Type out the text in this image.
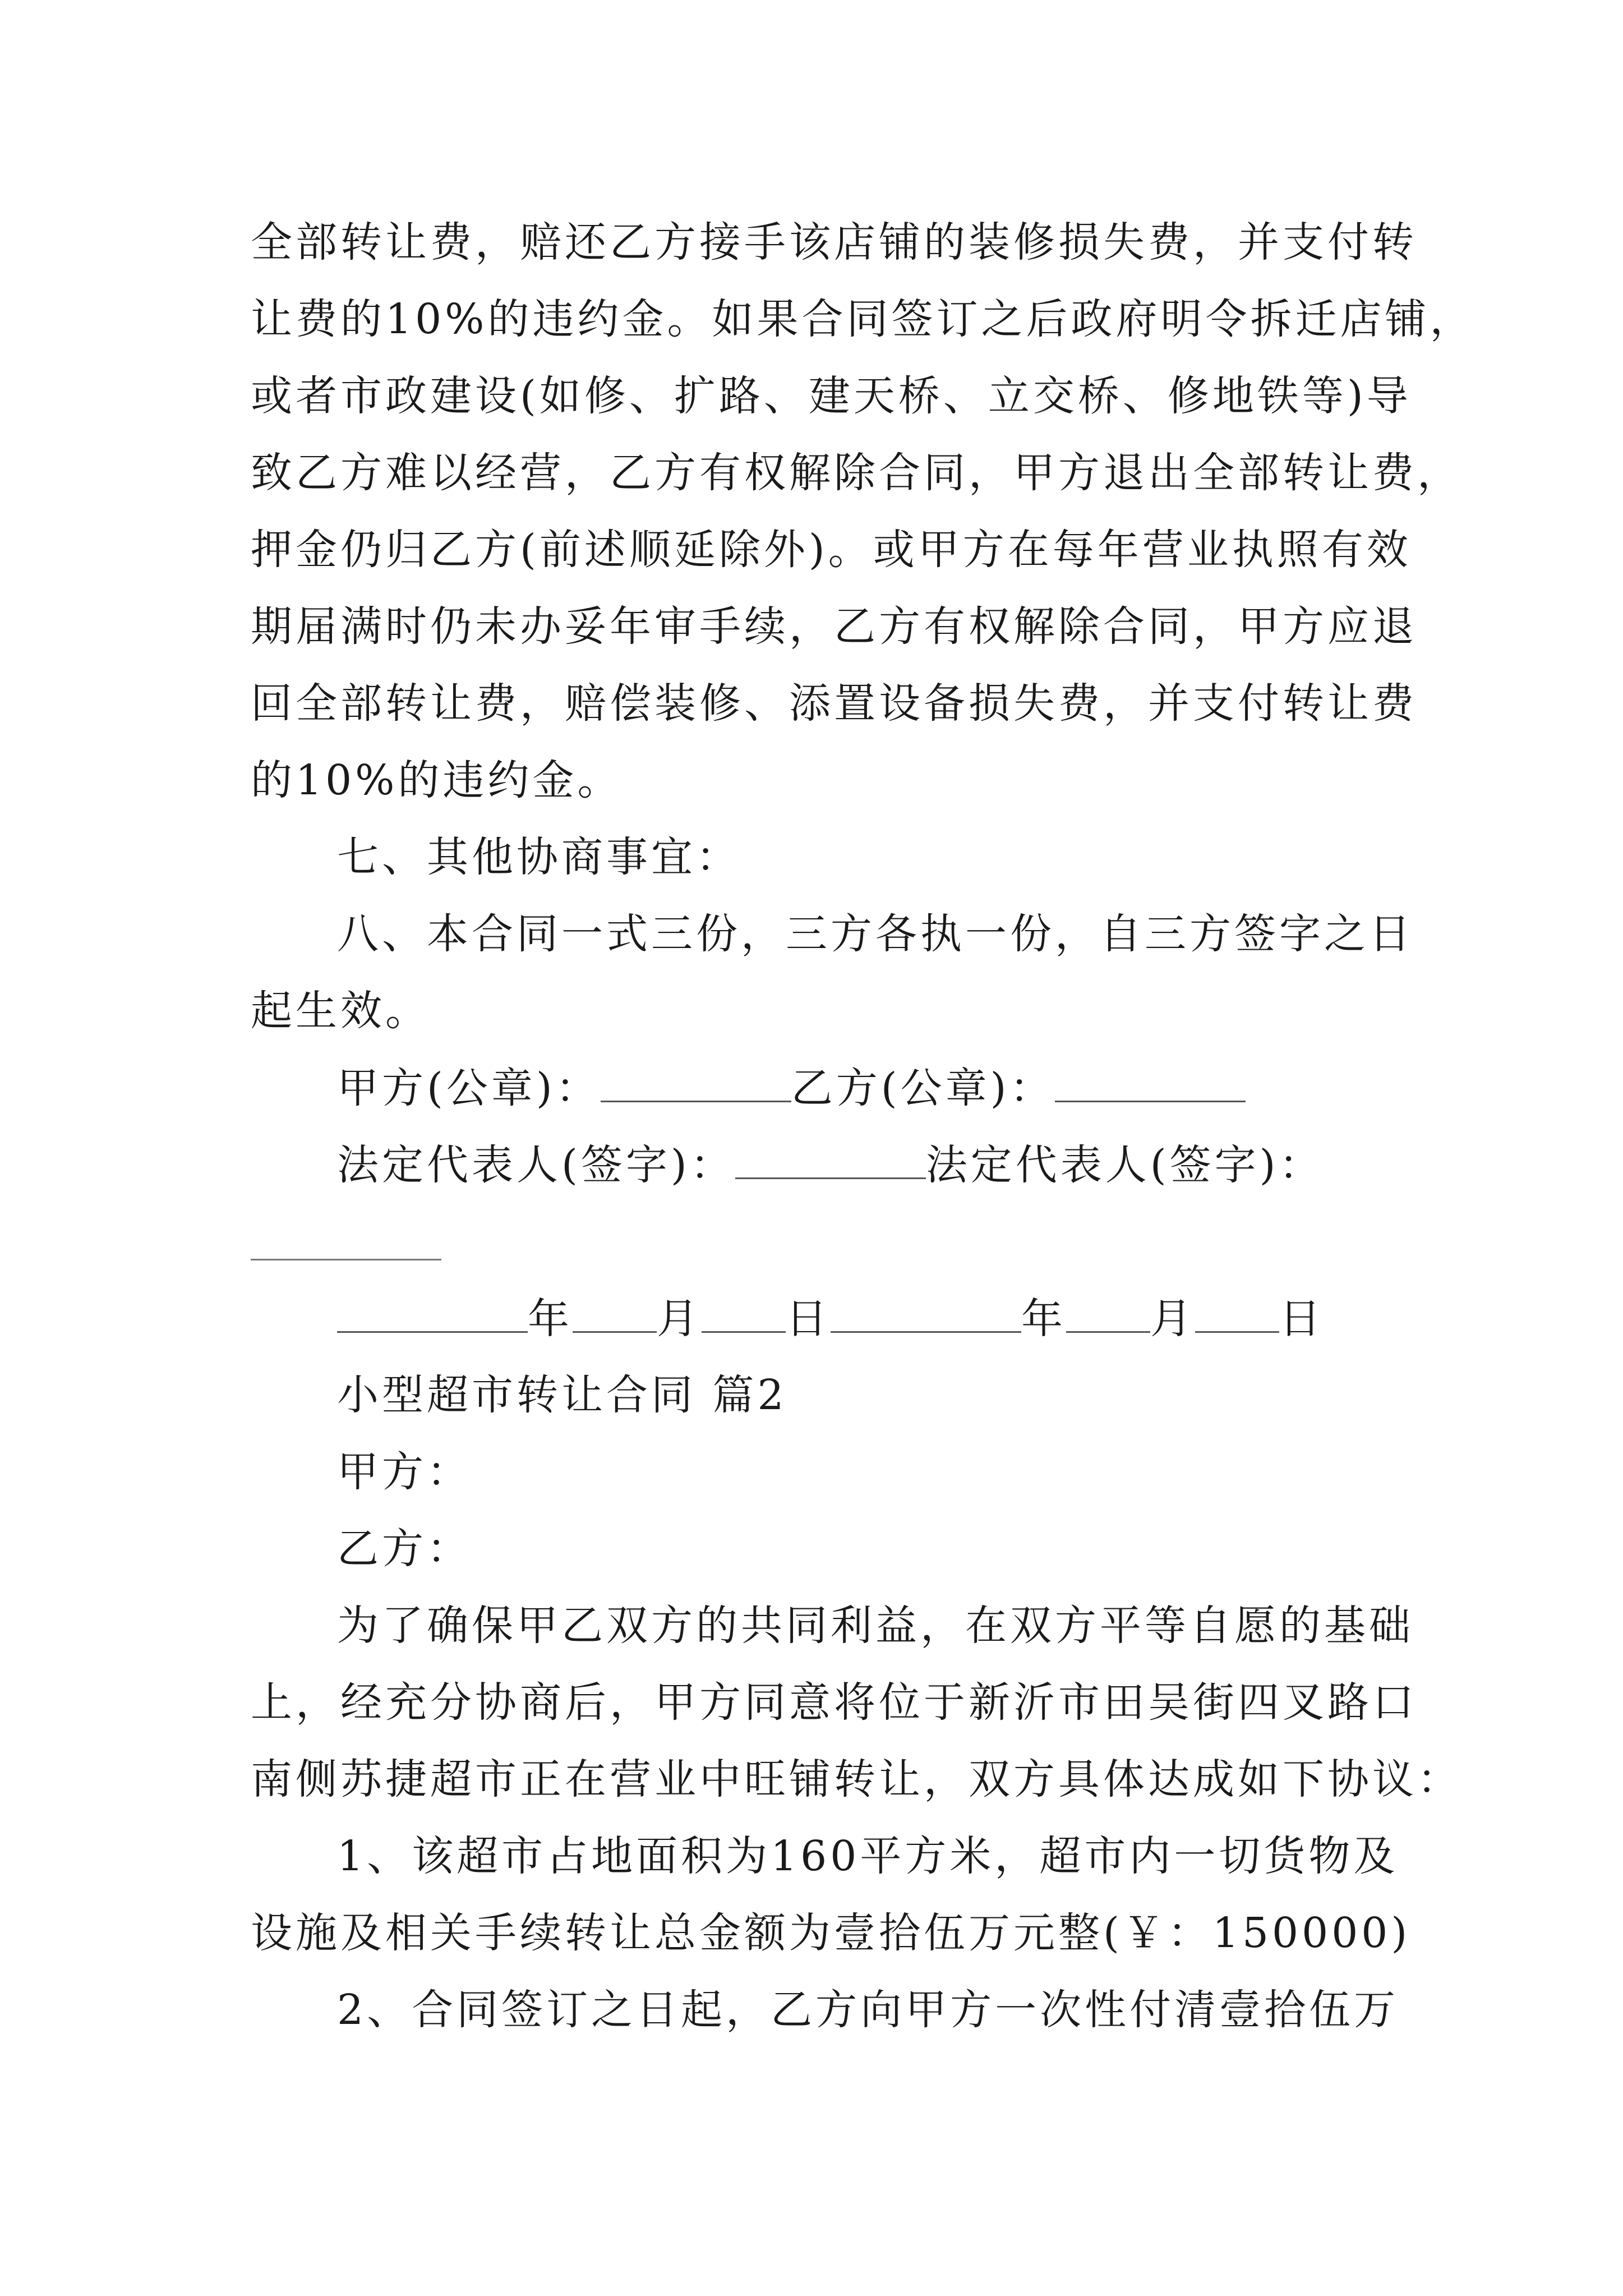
全部转让费，赔还乙方接手该店铺的装修损失费，并支付转
让费的10%的违约金。如果合同签订之后政府明令拆迁店铺，
或者市政建设(如修、扩路、建天桥、立交桥、修地铁等)导
致乙方难以经营，乙方有权解除合同，甲方退出全部转让费，
押金仍归乙方(前述顺延除外)。或甲方在每年营业执照有效
期届满时仍未办妥年审手续，乙方有权解除合同，甲方应退
回全部转让费，赔偿装修、添置设备损失费，并支付转让费
的10%的违约金。
七、其他协商事宜：
八、本合同一式三份，三方各执一份，自三方签字之日
起生效。
甲方(公章)：	乙方(公章)：
法定代表人(签字)：	法定代表人(签字)：
年 月 日	年 月 日
小型超市转让合同 篇2
甲方：
乙方：
为了确保甲乙双方的共同利益，在双方平等自愿的基础
上，经充分协商后，甲方同意将位于新沂市田吴街四叉路口
南侧苏捷超市正在营业中旺铺转让，双方具体达成如下协议：
1、该超市占地面积为160平方米，超市内一切货物及
设施及相关手续转让总金额为壹拾伍万元整(￥：150000)
2、合同签订之日起，乙方向甲方一次性付清壹拾伍万
